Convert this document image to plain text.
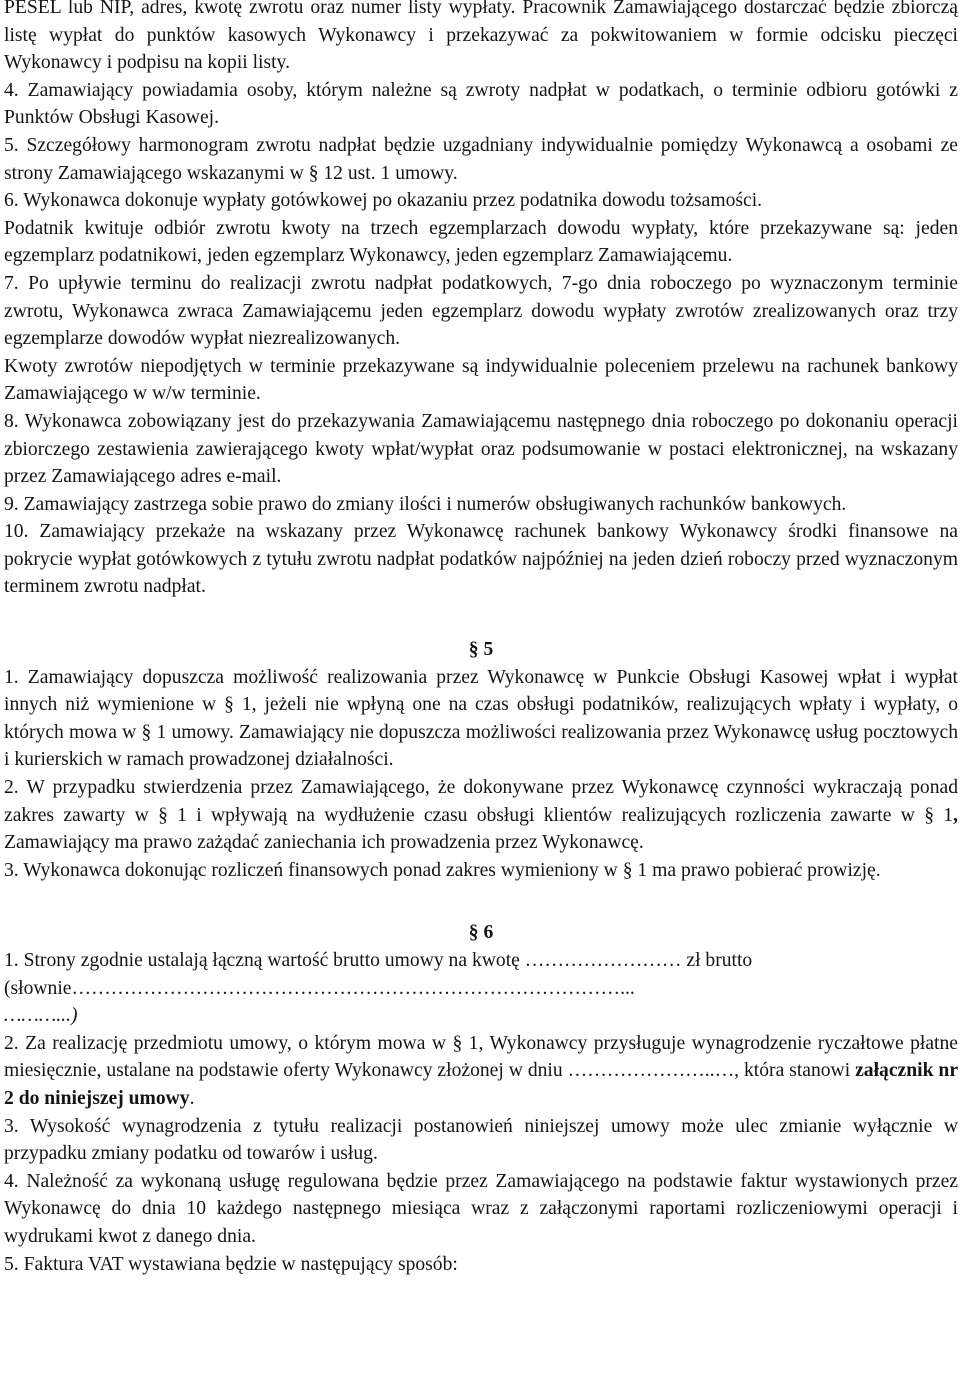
PESEL lub NIP, adres, kwotę zwrotu oraz numer listy wypłaty. Pracownik Zamawiającego dostarczać będzie zbiorczą listę wypłat do punktów kasowych Wykonawcy i przekazywać za pokwitowaniem w formie odcisku pieczęci Wykonawcy i podpisu na kopii listy.

4. Zamawiający powiadamia osoby, którym należne są zwroty nadpłat w podatkach, o terminie odbioru gotówki z Punktów Obsługi Kasowej.

5. Szczegółowy harmonogram zwrotu nadpłat będzie uzgadniany indywidualnie pomiędzy Wykonawcą a osobami ze strony Zamawiającego wskazanymi w § 12 ust. 1 umowy.

6. Wykonawca dokonuje wypłaty gotówkowej po okazaniu przez podatnika dowodu tożsamości.

Podatnik kwituje odbiór zwrotu kwoty na trzech egzemplarzach dowodu wypłaty, które przekazywane są: jeden egzemplarz podatnikowi, jeden egzemplarz Wykonawcy, jeden egzemplarz Zamawiającemu.

7. Po upływie terminu do realizacji zwrotu nadpłat podatkowych, 7-go dnia roboczego po wyznaczonym terminie zwrotu, Wykonawca zwraca Zamawiającemu jeden egzemplarz dowodu wypłaty zwrotów zrealizowanych oraz trzy egzemplarze dowodów wypłat niezrealizowanych.

Kwoty zwrotów niepodjętych w terminie przekazywane są indywidualnie poleceniem przelewu na rachunek bankowy Zamawiającego w w/w terminie.

8. Wykonawca zobowiązany jest do przekazywania Zamawiającemu następnego dnia roboczego po dokonaniu operacji zbiorczego zestawienia zawierającego kwoty wpłat/wypłat oraz podsumowanie w postaci elektronicznej, na wskazany przez Zamawiającego adres e-mail.

9. Zamawiający zastrzega sobie prawo do zmiany ilości i numerów obsługiwanych rachunków bankowych.

10. Zamawiający przekaże na wskazany przez Wykonawcę rachunek bankowy Wykonawcy środki finansowe na pokrycie wypłat gotówkowych z tytułu zwrotu nadpłat podatków najpóźniej na jeden dzień roboczy przed wyznaczonym terminem zwrotu nadpłat.

§ 5

1. Zamawiający dopuszcza możliwość realizowania przez Wykonawcę w Punkcie Obsługi Kasowej wpłat i wypłat innych niż wymienione w § 1, jeżeli nie wpłyną one na czas obsługi podatników, realizujących wpłaty i wypłaty, o których mowa w § 1 umowy. Zamawiający nie dopuszcza możliwości realizowania przez Wykonawcę usług pocztowych i kurierskich w ramach prowadzonej działalności.

2. W przypadku stwierdzenia przez Zamawiającego, że dokonywane przez Wykonawcę czynności wykraczają ponad zakres zawarty w § 1 i wpływają na wydłużenie czasu obsługi klientów realizujących rozliczenia zawarte w § 1, Zamawiający ma prawo zażądać zaniechania ich prowadzenia przez Wykonawcę.

3. Wykonawca dokonując rozliczeń finansowych ponad zakres wymieniony w § 1 ma prawo pobierać prowizję.

§ 6

1. Strony zgodnie ustalają łączną wartość brutto umowy na kwotę …………………… zł brutto
(słownie…………………………………………………………………………...
………...)

2. Za realizację przedmiotu umowy, o którym mowa w § 1, Wykonawcy przysługuje wynagrodzenie ryczałtowe płatne miesięcznie, ustalane na podstawie oferty Wykonawcy złożonej w dniu …………………..…, która stanowi załącznik nr 2 do niniejszej umowy.

3. Wysokość wynagrodzenia z tytułu realizacji postanowień niniejszej umowy może ulec zmianie wyłącznie w przypadku zmiany podatku od towarów i usług.

4. Należność za wykonaną usługę regulowana będzie przez Zamawiającego na podstawie faktur wystawionych przez Wykonawcę do dnia 10 każdego następnego miesiąca wraz z załączonymi raportami rozliczeniowymi operacji i wydrukami kwot z danego dnia.

5. Faktura VAT wystawiana będzie w następujący sposób:
